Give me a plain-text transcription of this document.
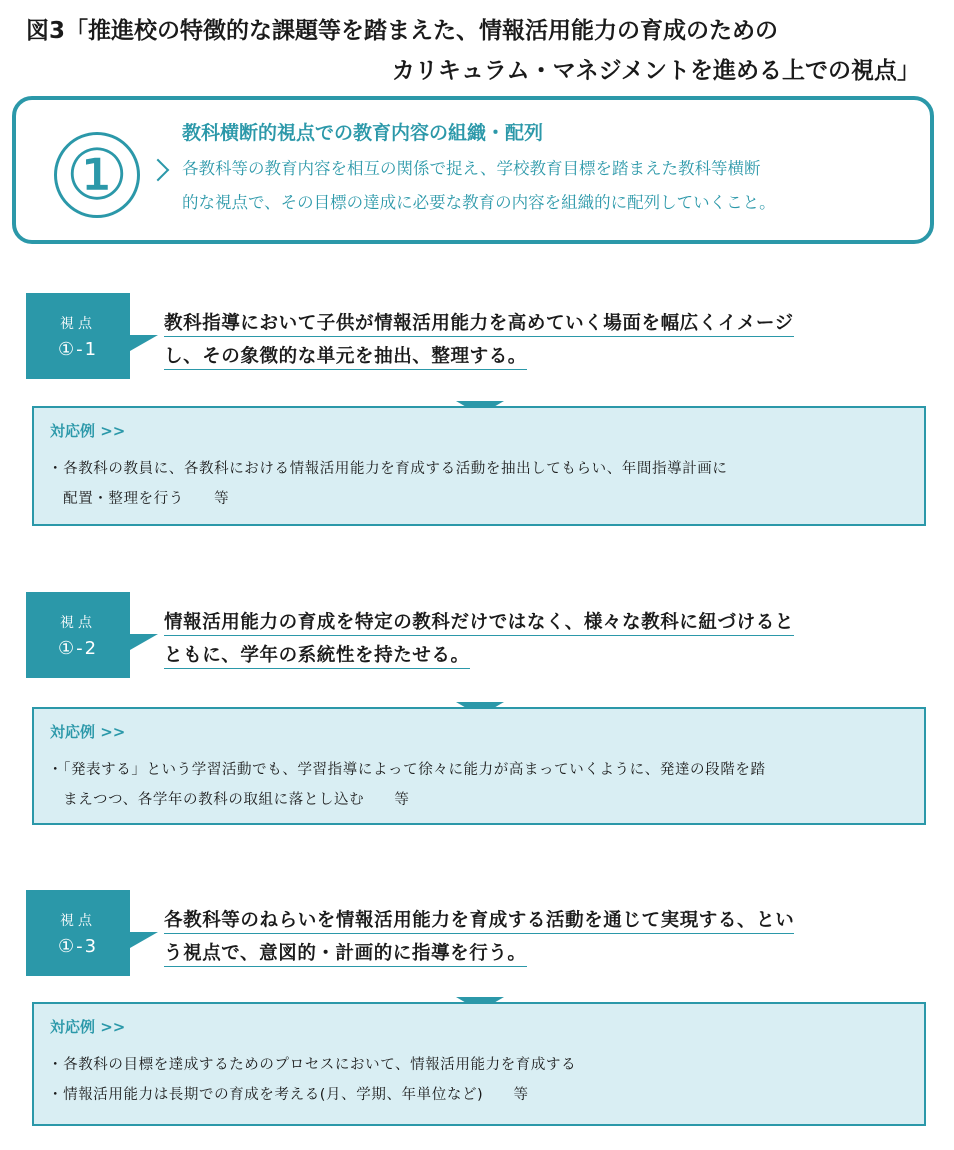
図3「推進校の特徴的な課題等を踏まえた、情報活用能力の育成のための
カリキュラム・マネジメントを進める上での視点」
①
教科横断的視点での教育内容の組織・配列
各教科等の教育内容を相互の関係で捉え、学校教育目標を踏まえた教科等横断
的な視点で、その目標の達成に必要な教育の内容を組織的に配列していくこと。
視点
①-1
教科指導において子供が情報活用能力を高めていく場面を幅広くイメージ
し、その象徴的な単元を抽出、整理する。
対応例 >>
・各教科の教員に、各教科における情報活用能力を育成する活動を抽出してもらい、年間指導計画に
　配置・整理を行う　　等
視点
①-2
情報活用能力の育成を特定の教科だけではなく、様々な教科に紐づけると
ともに、学年の系統性を持たせる。
対応例 >>
・「発表する」という学習活動でも、学習指導によって徐々に能力が高まっていくように、発達の段階を踏
　まえつつ、各学年の教科の取組に落とし込む　　等
視点
①-3
各教科等のねらいを情報活用能力を育成する活動を通じて実現する、とい
う視点で、意図的・計画的に指導を行う。
対応例 >>
・各教科の目標を達成するためのプロセスにおいて、情報活用能力を育成する
・情報活用能力は長期での育成を考える(月、学期、年単位など)　　等
